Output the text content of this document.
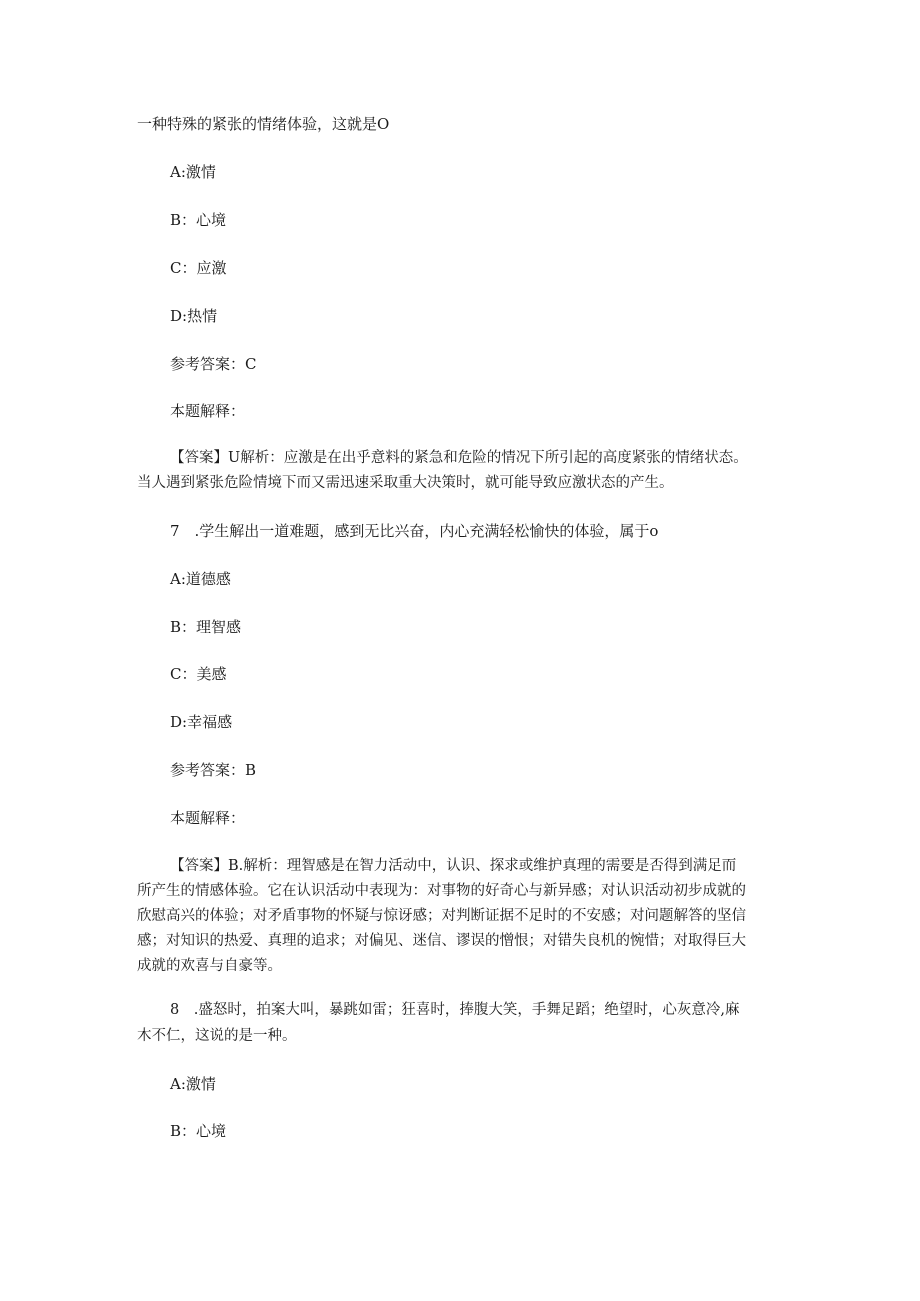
一种特殊的紧张的情绪体验，这就是O
A:激情
B：心境
C：应激
D:热情
参考答案：C
本题解释：
【答案】U解析：应激是在出乎意料的紧急和危险的情况下所引起的高度紧张的情绪状态。
当人遇到紧张危险情境下而又需迅速采取重大决策时，就可能导致应激状态的产生。
7　.学生解出一道难题，感到无比兴奋，内心充满轻松愉快的体验，属于o
A:道德感
B：理智感
C：美感
D:幸福感
参考答案：B
本题解释：
【答案】B.解析：理智感是在智力活动中，认识、探求或维护真理的需要是否得到满足而
所产生的情感体验。它在认识活动中表现为：对事物的好奇心与新异感；对认识活动初步成就的
欣慰高兴的体验；对矛盾事物的怀疑与惊讶感；对判断证据不足时的不安感；对问题解答的坚信
感；对知识的热爱、真理的追求；对偏见、迷信、谬误的憎恨；对错失良机的惋惜；对取得巨大
成就的欢喜与自豪等。
8　.盛怒时，拍案大叫，暴跳如雷；狂喜时，捧腹大笑，手舞足蹈；绝望时，心灰意冷,麻
木不仁，这说的是一种。
A:激情
B：心境
